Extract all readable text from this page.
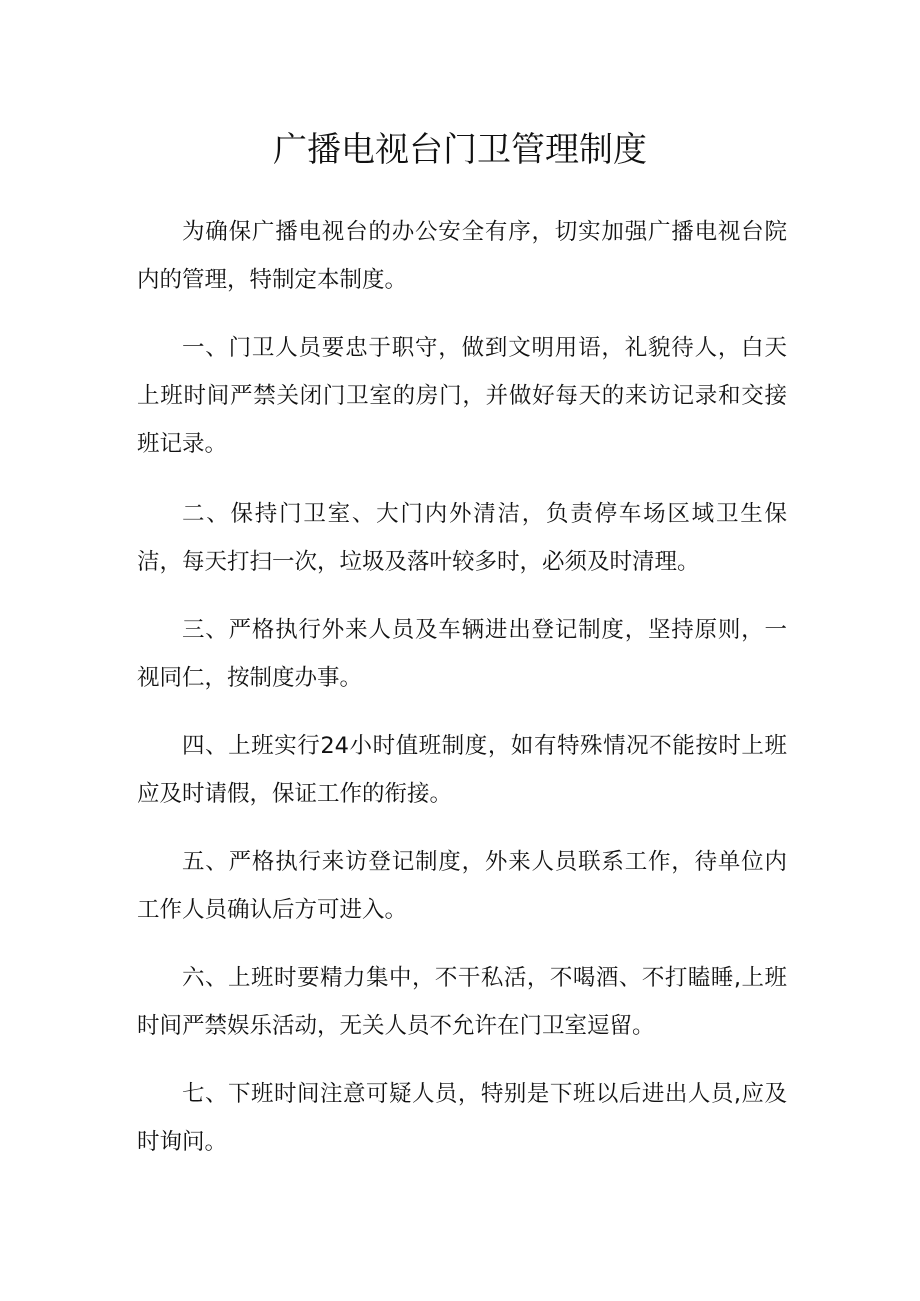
广播电视台门卫管理制度

为确保广播电视台的办公安全有序，切实加强广播电视台院内的管理，特制定本制度。

一、门卫人员要忠于职守，做到文明用语，礼貌待人，白天上班时间严禁关闭门卫室的房门，并做好每天的来访记录和交接班记录。

二、保持门卫室、大门内外清洁，负责停车场区域卫生保洁，每天打扫一次，垃圾及落叶较多时，必须及时清理。

三、严格执行外来人员及车辆进出登记制度，坚持原则，一视同仁，按制度办事。

四、上班实行24小时值班制度，如有特殊情况不能按时上班应及时请假，保证工作的衔接。

五、严格执行来访登记制度，外来人员联系工作，待单位内工作人员确认后方可进入。

六、上班时要精力集中，不干私活，不喝酒、不打瞌睡,上班时间严禁娱乐活动，无关人员不允许在门卫室逗留。

七、下班时间注意可疑人员，特别是下班以后进出人员,应及时询问。
